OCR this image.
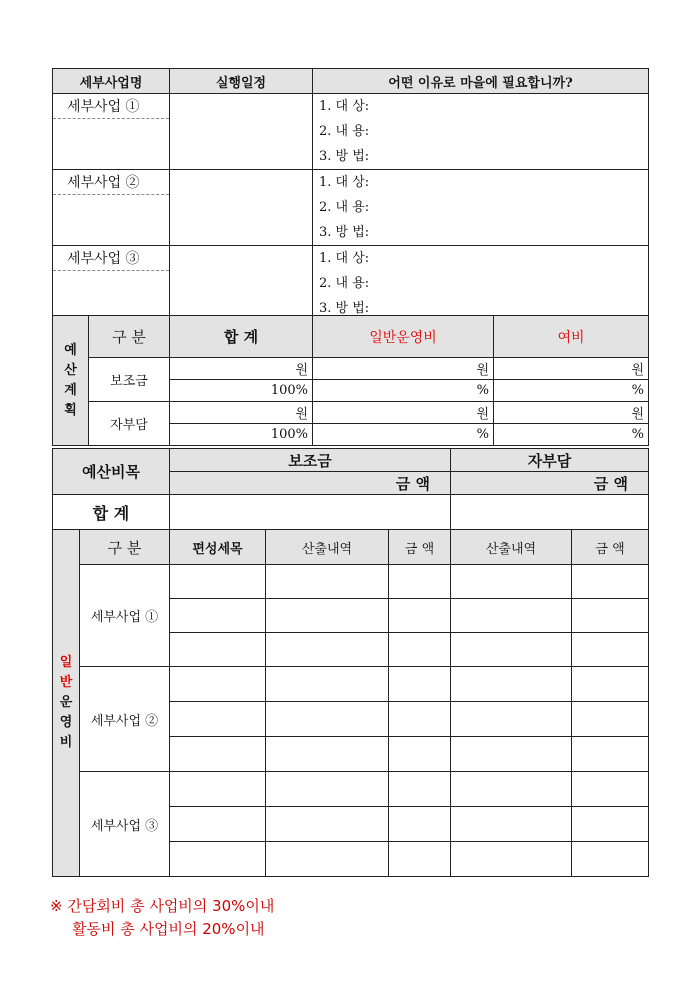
세부사업명	실행일정	어떤 이유로 마을에 필요합니까?

세부사업 ①		1. 대 상:
2. 내 용:
3. 방 법:

세부사업 ②		1. 대 상:
2. 내 용:
3. 방 법:

세부사업 ③		1. 대 상:
2. 내 용:
3. 방 법:
예
산
계
획	구 분	합 계	일반운영비	여비
	보조금	원	원	원
		100%	%	%
	자부담	원	원	원
		100%	%	%
예산비목	보조금	자부담
	금 액	금 액
합 계		
일
반
운
영
비	구 분	편성세목	산출내역	금 액	산출내역	금 액
	세부사업 ①					

	세부사업 ②					

	세부사업 ③					

※ 간담회비 총 사업비의 30%이내
활동비 총 사업비의 20%이내
